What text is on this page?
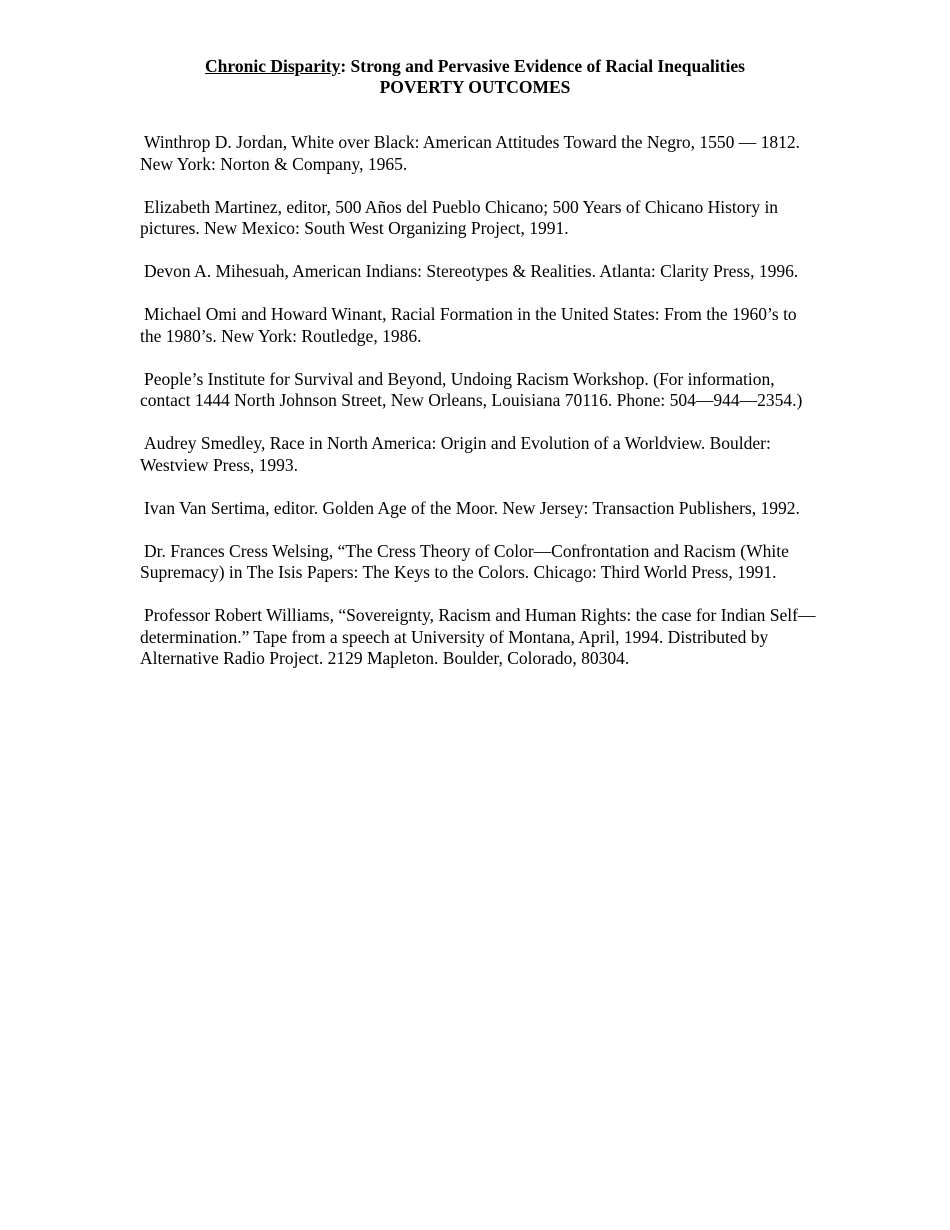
Chronic Disparity: Strong and Pervasive Evidence of Racial Inequalities
POVERTY OUTCOMES

Winthrop D. Jordan, White over Black: American Attitudes Toward the Negro, 1550 — 1812. New York: Norton & Company, 1965.

Elizabeth Martinez, editor, 500 Años del Pueblo Chicano; 500 Years of Chicano History in pictures. New Mexico: South West Organizing Project, 1991.

Devon A. Mihesuah, American Indians: Stereotypes & Realities. Atlanta: Clarity Press, 1996.

Michael Omi and Howard Winant, Racial Formation in the United States: From the 1960’s to the 1980’s. New York: Routledge, 1986.

People’s Institute for Survival and Beyond, Undoing Racism Workshop. (For information, contact 1444 North Johnson Street, New Orleans, Louisiana 70116. Phone: 504—944—2354.)

Audrey Smedley, Race in North America: Origin and Evolution of a Worldview. Boulder: Westview Press, 1993.

Ivan Van Sertima, editor. Golden Age of the Moor. New Jersey: Transaction Publishers, 1992.

Dr. Frances Cress Welsing, “The Cress Theory of Color—Confrontation and Racism (White Supremacy) in The Isis Papers: The Keys to the Colors. Chicago: Third World Press, 1991.

Professor Robert Williams, “Sovereignty, Racism and Human Rights: the case for Indian Self—determination.” Tape from a speech at University of Montana, April, 1994. Distributed by Alternative Radio Project. 2129 Mapleton. Boulder, Colorado, 80304.
